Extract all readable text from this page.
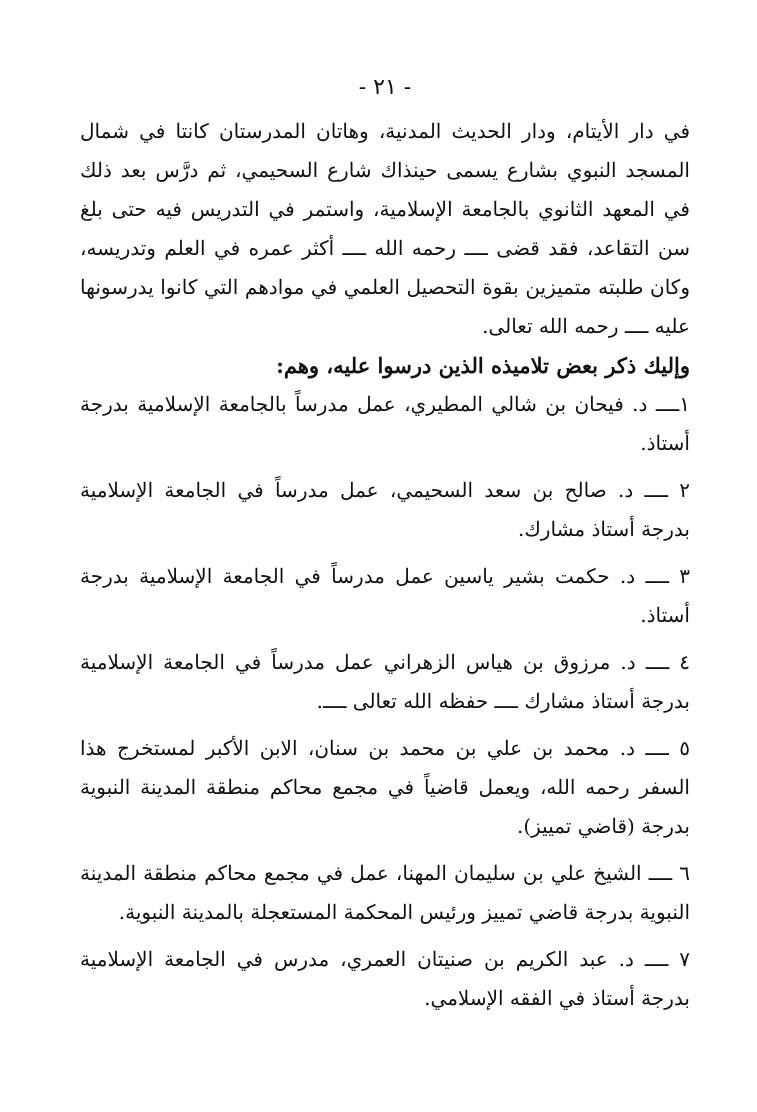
- ٢١ -

في دار الأيتام، ودار الحديث المدنية، وهاتان المدرستان كانتا في شمال المسجد النبوي بشارع يسمى حينذاك شارع السحيمي، ثم درَّس بعد ذلك في المعهد الثانوي بالجامعة الإسلامية، واستمر في التدريس فيه حتى بلغ سن التقاعد، فقد قضى ــــ رحمه الله ــــ أكثر عمره في العلم وتدريسه، وكان طلبته متميزين بقوة التحصيل العلمي في موادهم التي كانوا يدرسونها عليه ــــ رحمه الله تعالى.

وإليك ذكر بعض تلاميذه الذين درسوا عليه، وهم:

١ــــ د. فيحان بن شالي المطيري، عمل مدرساً بالجامعة الإسلامية بدرجة أستاذ.

٢ ــــ د. صالح بن سعد السحيمي، عمل مدرساً في الجامعة الإسلامية بدرجة أستاذ مشارك.

٣ ــــ د. حكمت بشير ياسين عمل مدرساً في الجامعة الإسلامية بدرجة أستاذ.

٤ ــــ د. مرزوق بن هياس الزهراني عمل مدرساً في الجامعة الإسلامية بدرجة أستاذ مشارك ــــ حفظه الله تعالى ــــ.

٥ ــــ د. محمد بن علي بن محمد بن سنان، الابن الأكبر لمستخرج هذا السفر رحمه الله، ويعمل قاضياً في مجمع محاكم منطقة المدينة النبوية بدرجة (قاضي تمييز).

٦ ــــ الشيخ علي بن سليمان المهنا، عمل في مجمع محاكم منطقة المدينة النبوية بدرجة قاضي تمييز ورئيس المحكمة المستعجلة بالمدينة النبوية.

٧ ــــ د. عبد الكريم بن صنيتان العمري، مدرس في الجامعة الإسلامية بدرجة أستاذ في الفقه الإسلامي.
